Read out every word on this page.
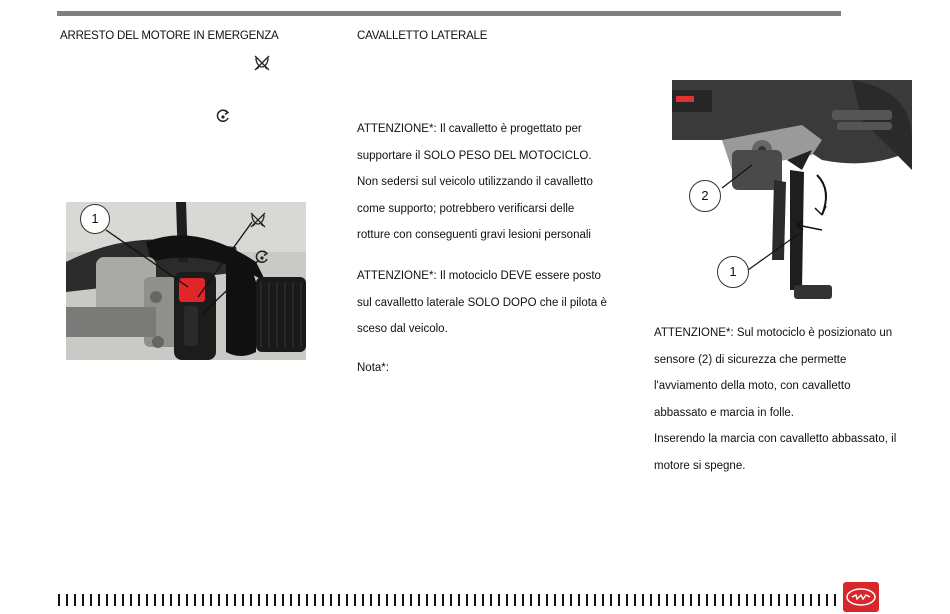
ARRESTO DEL MOTORE IN EMERGENZA	CAVALLETTO LATERALE
1

ATTENZIONE*: Il cavalletto è progettato per
supportare il SOLO PESO DEL MOTOCICLO.
Non sedersi sul veicolo utilizzando il cavalletto
come supporto; potrebbero verificarsi delle
rotture con conseguenti gravi lesioni personali

ATTENZIONE*: Il motociclo DEVE essere posto
sul cavalletto laterale SOLO DOPO che il pilota è
sceso dal veicolo.

Nota*:

2
1

ATTENZIONE*: Sul motociclo è posizionato un

sensore (2) di sicurezza che permette

l'avviamento della moto, con cavalletto

abbassato e marcia in folle.

Inserendo la marcia con cavalletto abbassato, il

motore si spegne.
